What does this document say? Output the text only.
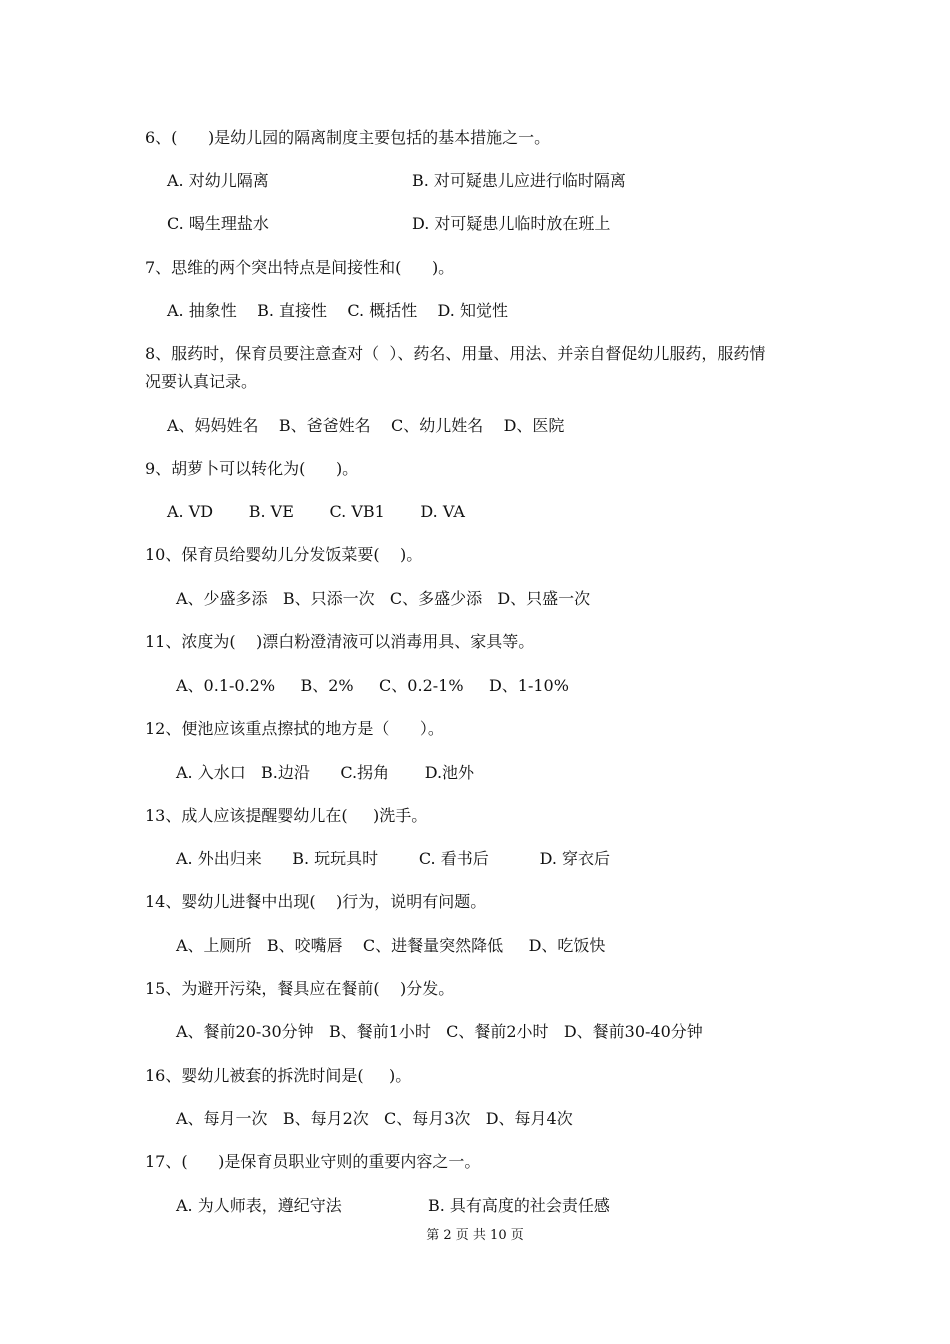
6、(      )是幼儿园的隔离制度主要包括的基本措施之一。
A. 对幼儿隔离	B. 对可疑患儿应进行临时隔离
C. 喝生理盐水	D. 对可疑患儿临时放在班上
7、思维的两个突出特点是间接性和(      )。
A. 抽象性    B. 直接性    C. 概括性    D. 知觉性
8、服药时，保育员要注意查对（  ）、药名、用量、用法、并亲自督促幼儿服药，服药情
况要认真记录。
A、妈妈姓名    B、爸爸姓名    C、幼儿姓名    D、医院
9、胡萝卜可以转化为(      )。
A. VD       B. VE       C. VB1       D. VA
10、保育员给婴幼儿分发饭菜要(    )。
A、少盛多添   B、只添一次   C、多盛少添   D、只盛一次
11、浓度为(    )漂白粉澄清液可以消毒用具、家具等。
A、0.1-0.2%     B、2%     C、0.2-1%     D、1-10%
12、便池应该重点擦拭的地方是（      ）。
A. 入水口   B.边沿      C.拐角       D.池外
13、成人应该提醒婴幼儿在(     )洗手。
A. 外出归来      B. 玩玩具时        C. 看书后          D. 穿衣后
14、婴幼儿进餐中出现(    )行为，说明有问题。
A、上厕所   B、咬嘴唇    C、进餐量突然降低     D、吃饭快
15、为避开污染，餐具应在餐前(    )分发。
A、餐前20-30分钟   B、餐前1小时   C、餐前2小时   D、餐前30-40分钟
16、婴幼儿被套的拆洗时间是(     )。
A、每月一次   B、每月2次   C、每月3次   D、每月4次
17、(      )是保育员职业守则的重要内容之一。
A. 为人师表，遵纪守法	B. 具有高度的社会责任感
第 2 页 共 10 页
